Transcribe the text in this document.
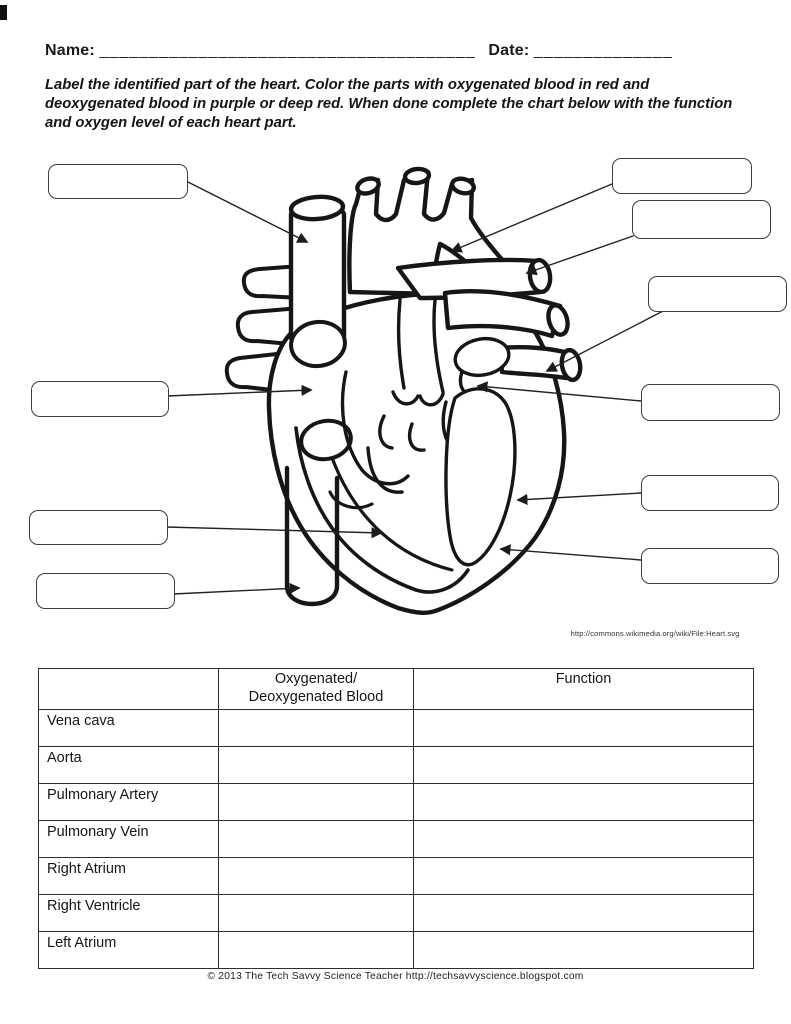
Name: ______________________________________ Date: ______________
Label the identified part of the heart. Color the parts with oxygenated blood in red and deoxygenated blood in purple or deep red. When done complete the chart below with the function and oxygen level of each heart part.
http://commons.wikimedia.org/wiki/File:Heart.svg

	Oxygenated/
Deoxygenated Blood	Function
Vena cava		
Aorta		
Pulmonary Artery		
Pulmonary Vein		
Right Atrium		
Right Ventricle		
Left Atrium		
© 2013 The Tech Savvy Science Teacher http://techsavvyscience.blogspot.com
